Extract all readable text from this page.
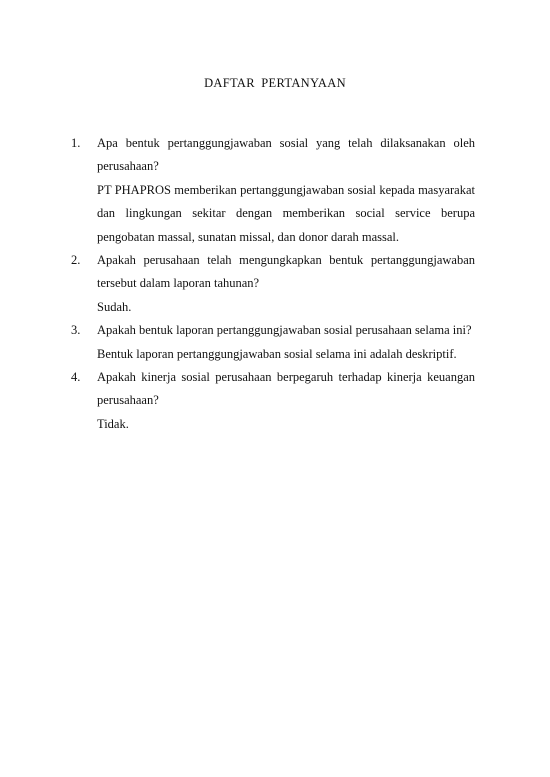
DAFTAR PERTANYAAN
1.	Apa bentuk pertanggungjawaban sosial yang telah dilaksanakan oleh perusahaan?

PT PHAPROS memberikan pertanggungjawaban sosial kepada masyarakat dan lingkungan sekitar dengan memberikan social service berupa pengobatan massal, sunatan missal, dan donor darah massal.

2.	Apakah perusahaan telah mengungkapkan bentuk pertanggungjawaban tersebut dalam laporan tahunan?

Sudah.

3.	Apakah bentuk laporan pertanggungjawaban sosial perusahaan selama ini?

Bentuk laporan pertanggungjawaban sosial selama ini adalah deskriptif.

4.	Apakah kinerja sosial perusahaan berpegaruh terhadap kinerja keuangan perusahaan?

Tidak.
